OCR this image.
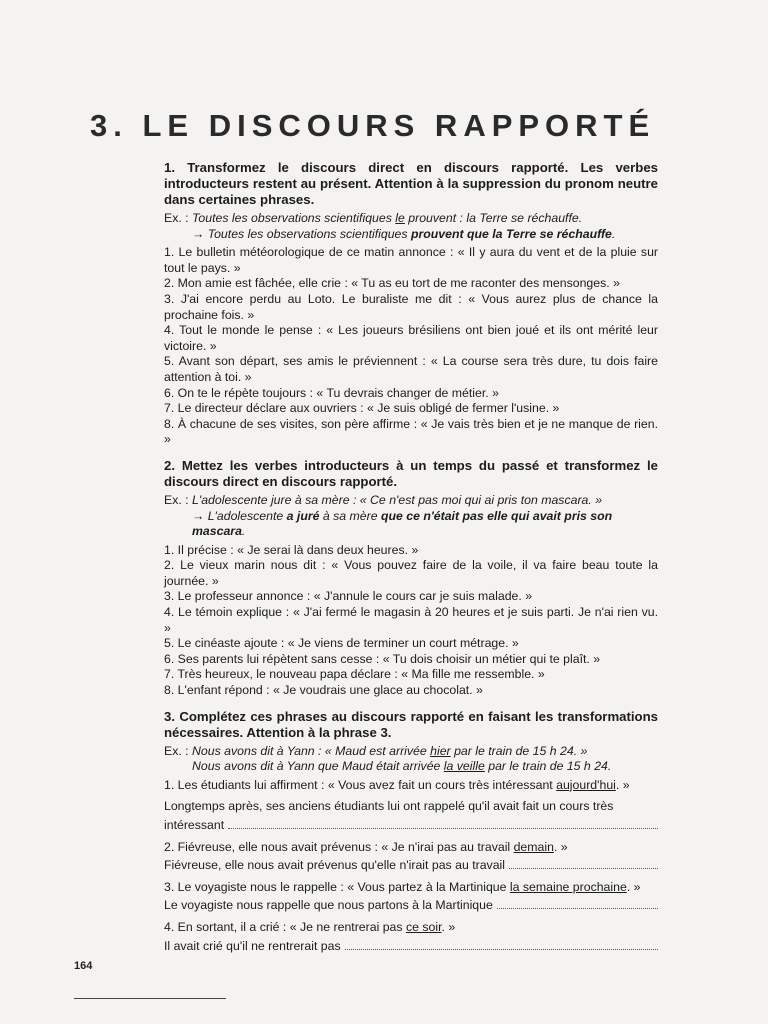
3. LE DISCOURS RAPPORTÉ

1. Transformez le discours direct en discours rapporté. Les verbes introducteurs restent au présent. Attention à la suppression du pronom neutre dans certaines phrases.

Ex. : Toutes les observations scientifiques le prouvent : la Terre se réchauffe.

→ Toutes les observations scientifiques prouvent que la Terre se réchauffe.

1. Le bulletin météorologique de ce matin annonce : « Il y aura du vent et de la pluie sur tout le pays. »
2. Mon amie est fâchée, elle crie : « Tu as eu tort de me raconter des mensonges. »
3. J'ai encore perdu au Loto. Le buraliste me dit : « Vous aurez plus de chance la prochaine fois. »
4. Tout le monde le pense : « Les joueurs brésiliens ont bien joué et ils ont mérité leur victoire. »
5. Avant son départ, ses amis le préviennent : « La course sera très dure, tu dois faire attention à toi. »
6. On te le répète toujours : « Tu devrais changer de métier. »
7. Le directeur déclare aux ouvriers : « Je suis obligé de fermer l'usine. »
8. À chacune de ses visites, son père affirme : « Je vais très bien et je ne manque de rien. »

2. Mettez les verbes introducteurs à un temps du passé et transformez le discours direct en discours rapporté.

Ex. : L'adolescente jure à sa mère : « Ce n'est pas moi qui ai pris ton mascara. »

→ L'adolescente a juré à sa mère que ce n'était pas elle qui avait pris son mascara.

1. Il précise : « Je serai là dans deux heures. »
2. Le vieux marin nous dit : « Vous pouvez faire de la voile, il va faire beau toute la journée. »
3. Le professeur annonce : « J'annule le cours car je suis malade. »
4. Le témoin explique : « J'ai fermé le magasin à 20 heures et je suis parti. Je n'ai rien vu. »
5. Le cinéaste ajoute : « Je viens de terminer un court métrage. »
6. Ses parents lui répètent sans cesse : « Tu dois choisir un métier qui te plaît. »
7. Très heureux, le nouveau papa déclare : « Ma fille me ressemble. »
8. L'enfant répond : « Je voudrais une glace au chocolat. »

3. Complétez ces phrases au discours rapporté en faisant les transformations nécessaires. Attention à la phrase 3.

Ex. : Nous avons dit à Yann : « Maud est arrivée hier par le train de 15 h 24. »

Nous avons dit à Yann que Maud était arrivée la veille par le train de 15 h 24.

1. Les étudiants lui affirment : « Vous avez fait un cours très intéressant aujourd'hui. »
Longtemps après, ses anciens étudiants lui ont rappelé qu'il avait fait un cours très
intéressant
2. Fiévreuse, elle nous avait prévenus : « Je n'irai pas au travail demain. »
Fiévreuse, elle nous avait prévenus qu'elle n'irait pas au travail
3. Le voyagiste nous le rappelle : « Vous partez à la Martinique la semaine prochaine. »
Le voyagiste nous rappelle que nous partons à la Martinique
4. En sortant, il a crié : « Je ne rentrerai pas ce soir. »
Il avait crié qu'il ne rentrerait pas
164
